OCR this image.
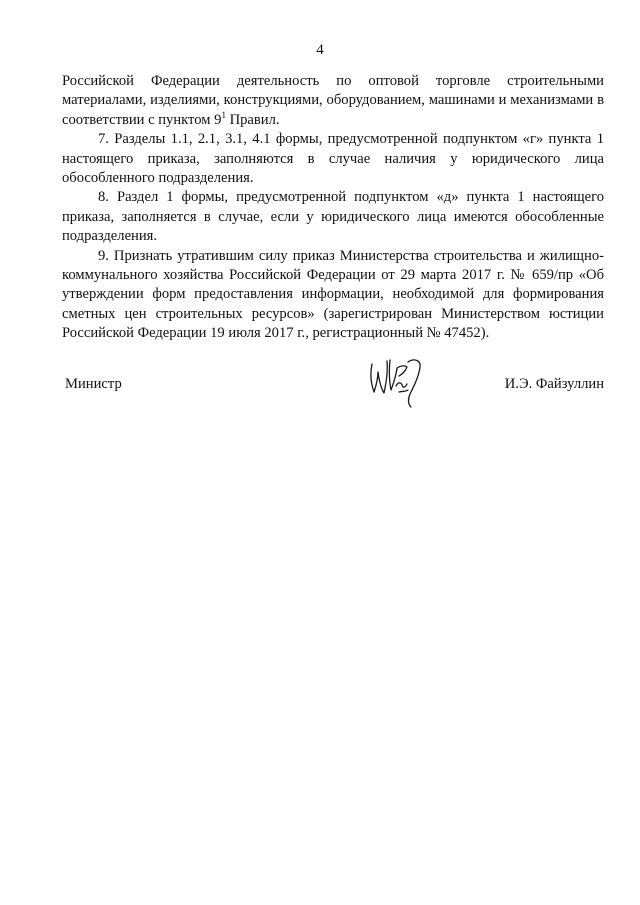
4

Российской Федерации деятельность по оптовой торговле строительными материалами, изделиями, конструкциями, оборудованием, машинами и механизмами в соответствии с пунктом $9^1$ Правил.

7. Разделы 1.1, 2.1, 3.1, 4.1 формы, предусмотренной подпунктом «г» пункта 1 настоящего приказа, заполняются в случае наличия у юридического лица обособленного подразделения.

8. Раздел 1 формы, предусмотренной подпунктом «д» пункта 1 настоящего приказа, заполняется в случае, если у юридического лица имеются обособленные подразделения.

9. Признать утратившим силу приказ Министерства строительства и жилищно-коммунального хозяйства Российской Федерации от 29 марта 2017 г. № 659/пр «Об утверждении форм предоставления информации, необходимой для формирования сметных цен строительных ресурсов» (зарегистрирован Министерством юстиции Российской Федерации 19 июля 2017 г., регистрационный № 47452).

Министр	И.Э. Файзуллин
